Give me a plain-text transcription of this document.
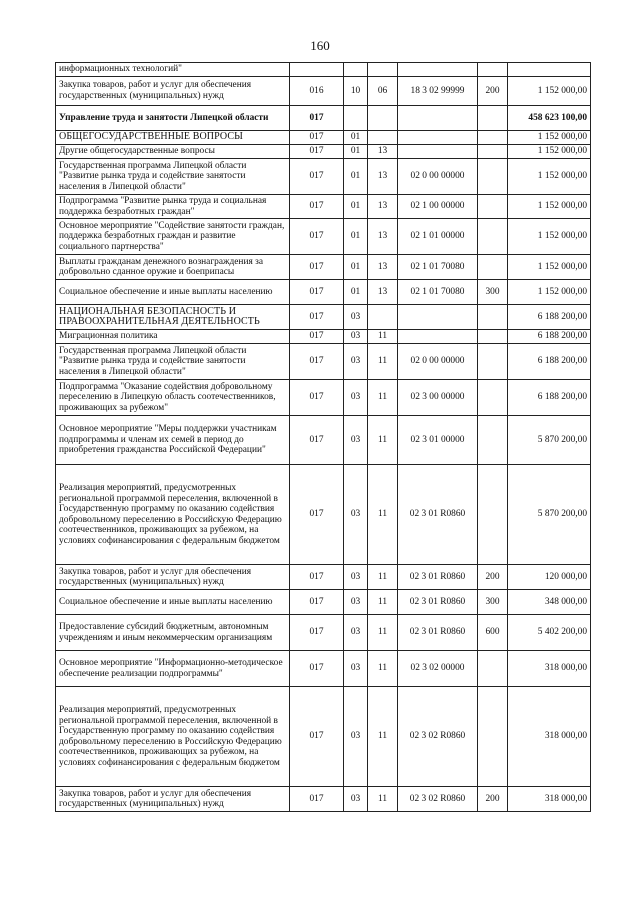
160
информационных технологий"						
Закупка товаров, работ и услуг для обеспечения государственных (муниципальных) нужд	016	10	06	18 3 02 99999	200	1 152 000,00
Управление труда и занятости Липецкой области	017					458 623 100,00
ОБЩЕГОСУДАРСТВЕННЫЕ ВОПРОСЫ	017	01				1 152 000,00
Другие общегосударственные вопросы	017	01	13			1 152 000,00
Государственная программа Липецкой области "Развитие рынка труда и содействие занятости населения в Липецкой области"	017	01	13	02 0 00 00000		1 152 000,00
Подпрограмма "Развитие рынка труда и социальная поддержка безработных граждан"	017	01	13	02 1 00 00000		1 152 000,00
Основное мероприятие "Содействие занятости граждан, поддержка безработных граждан и развитие социального партнерства"	017	01	13	02 1 01 00000		1 152 000,00
Выплаты гражданам денежного вознаграждения за добровольно сданное оружие и боеприпасы	017	01	13	02 1 01 70080		1 152 000,00
Социальное обеспечение и иные выплаты населению	017	01	13	02 1 01 70080	300	1 152 000,00
НАЦИОНАЛЬНАЯ БЕЗОПАСНОСТЬ И ПРАВООХРАНИТЕЛЬНАЯ ДЕЯТЕЛЬНОСТЬ	017	03				6 188 200,00
Миграционная политика	017	03	11			6 188 200,00
Государственная программа Липецкой области "Развитие рынка труда и содействие занятости населения в Липецкой области"	017	03	11	02 0 00 00000		6 188 200,00
Подпрограмма "Оказание содействия добровольному переселению в Липецкую область соотечественников, проживающих за рубежом"	017	03	11	02 3 00 00000		6 188 200,00
Основное мероприятие "Меры поддержки участникам подпрограммы и членам их семей в период до приобретения гражданства Российской Федерации"	017	03	11	02 3 01 00000		5 870 200,00
Реализация мероприятий, предусмотренных региональной программой переселения, включенной в Государственную программу по оказанию содействия добровольному переселению в Российскую Федерацию соотечественников, проживающих за рубежом, на условиях софинансирования с федеральным бюджетом	017	03	11	02 3 01 R0860		5 870 200,00
Закупка товаров, работ и услуг для обеспечения государственных (муниципальных) нужд	017	03	11	02 3 01 R0860	200	120 000,00
Социальное обеспечение и иные выплаты населению	017	03	11	02 3 01 R0860	300	348 000,00
Предоставление субсидий бюджетным, автономным учреждениям и иным некоммерческим организациям	017	03	11	02 3 01 R0860	600	5 402 200,00
Основное мероприятие "Информационно-методическое обеспечение реализации подпрограммы"	017	03	11	02 3 02 00000		318 000,00
Реализация мероприятий, предусмотренных региональной программой переселения, включенной в Государственную программу по оказанию содействия добровольному переселению в Российскую Федерацию соотечественников, проживающих за рубежом, на условиях софинансирования с федеральным бюджетом	017	03	11	02 3 02 R0860		318 000,00
Закупка товаров, работ и услуг для обеспечения государственных (муниципальных) нужд	017	03	11	02 3 02 R0860	200	318 000,00
